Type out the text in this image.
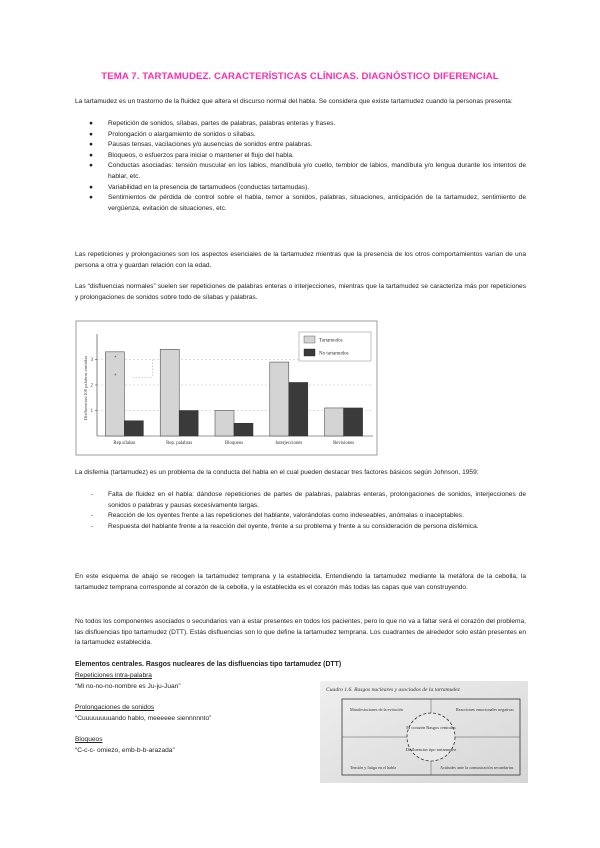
TEMA 7. TARTAMUDEZ. CARACTERÍSTICAS CLÍNICAS. DIAGNÓSTICO DIFERENCIAL
La tartamudez es un trastorno de la fluidez que altera el discurso normal del habla. Se considera que existe tartamudez cuando la personas presenta:
● Repetición de sonidos, sílabas, partes de palabras, palabras enteras y frases.
● Prolongación o alargamiento de sonidos o sílabas.
● Pausas tensas, vacilaciones y/o ausencias de sonidos entre palabras.
● Bloqueos, o esfuerzos para iniciar o mantener el flujo del habla.
● Conductas asociadas: tensión muscular en los labios, mandíbula y/o cuello, temblor de labios, mandíbula y/o lengua durante los intentos de hablar, etc.
● Variabilidad en la presencia de tartamudeos (conductas tartamudas).
● Sentimientos de pérdida de control sobre el habla, temor a sonidos, palabras, situaciones, anticipación de la tartamudez, sentimiento de vergüenza, evitación de situaciones, etc.
Las repeticiones y prolongaciones son los aspectos esenciales de la tartamudez mientras que la presencia de los otros comportamientos varían de una persona a otra y guardan relación con la edad.
Las “disfluencias normales” suelen ser repeticiones de palabras enteras o interjecciones, mientras que la tartamudez se caracteriza más por repeticiones y prolongaciones de sonidos sobre todo de sílabas y palabras.
Disfluencias/100 palabras emitidas 1
2
3
Rep.sílabas	Rep. palabras	Bloqueos	Interjecciones	Revisiones
*
*
Tartamudos
No tartamudos
La disfemia (tartamudez) es un problema de la conducta del habla en el cual pueden destacar tres factores básicos según Johnson, 1959:
- Falta de fluidez en el habla: dándose repeticiones de partes de palabras, palabras enteras, prolongaciones de sonidos, interjecciones de sonidos o palabras y pausas excesivamente largas.
- Reacción de los oyentes frente a las repeticiones del hablante, valorándolas como indeseables, anómalas o inaceptables.
- Respuesta del hablante frente a la reacción del oyente, frente a su problema y frente a su consideración de persona disfémica.
En este esquema de abajo se recogen la tartamudez temprana y la establecida. Entendiendo la tartamudez mediante la metáfora de la cebolla, la tartamudez temprana corresponde al corazón de la cebolla, y la establecida es el corazón más todas las capas que van construyendo.
No todos los componentes asociados o secundarios van a estar presentes en todos los pacientes, pero lo que no va a faltar será el corazón del problema, las disfluencias tipo tartamudez (DTT). Estás disfluencias son lo que define la tartamudez temprana. Los cuadrantes de alrededor solo están presentes en la tartamudez establecida.
Elementos centrales. Rasgos nucleares de las disfluencias tipo tartamudez (DTT)
Repeticiones intra-palabra
“Mi no-no-no-nombre es Ju-ju-Juan”
Prolongaciones de sonidos
“Cuuuuuuuuando hablo, meeeeee siennnnnto”
Bloqueos
“C-c-c- omiezo, emb-b-b-arazada”
Cuadro 1.6. Rasgos nucleares y asociados de la tartamudez
El corazón Rasgos centrales
Disfluencias tipo tartamudez
Manifestaciones de la evitación	Reacciones emocionales negativas
Tensión y fatiga en el habla	Actitudes ante la comunicación secundarias
